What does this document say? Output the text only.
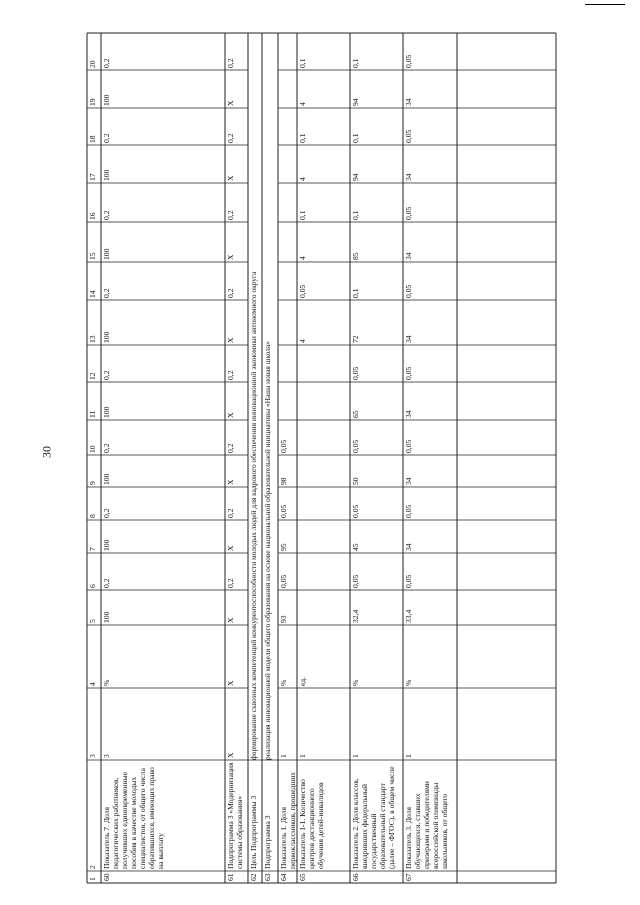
30
1
2
3
4
5
6
7
8
9
10
11
12
13
14
15
16
17
18
19
20
60
Показатель 7. Доля педагогических работников, получивших единовременные пособия в качестве молодых специалистов, от общего числа обратившихся, имеющих право на выплату
3
%
100
0,2
100
0,2
100
0,2
100
0,2
100
0,2
100
0,2
100
0,2
100
0,2
61
Подпрограмма 3 «Модернизация системы образования»
Х
Х
Х
0,2
Х
0,2
Х
0,2
Х
0,2
Х
0,2
Х
0,2
Х
0,2
Х
0,2
62
Цель Подпрограммы 3
формирование сквозных компетенций конкурентоспособности молодых людей для кадрового обеспечения инновационной экономики автономного округа
63
Подпрограмма 3
реализация инновационной модели общего образования на основе национальной образовательной инициативы «Наша новая школа»
64
Показатель 1. Доля первоклассников, прошедших
1
%
93
0,05
95
0,05
98
0,05
65
Показатель 1-1. Количество центров дистанционного обучения детей-инвалидов
1
ед.
4
0,05
4
0,1
4
0,1
4
0,1
66
Показатель 2. Доля классов, внедривших федеральный государственный образовательный стандарт (далее – ФГОС), в общем числе
1
%
32,4
0,05
45
0,05
50
0,05
65
0,05
72
0,1
85
0,1
94
0,1
94
0,1
67
Показатель 3. Доля обучающихся, ставших призерами и победителями всероссийской олимпиады школьников, от общего
1
%
33,4
0,05
34
0,05
34
0,05
34
0,05
34
0,05
34
0,05
34
0,05
34
0,05
